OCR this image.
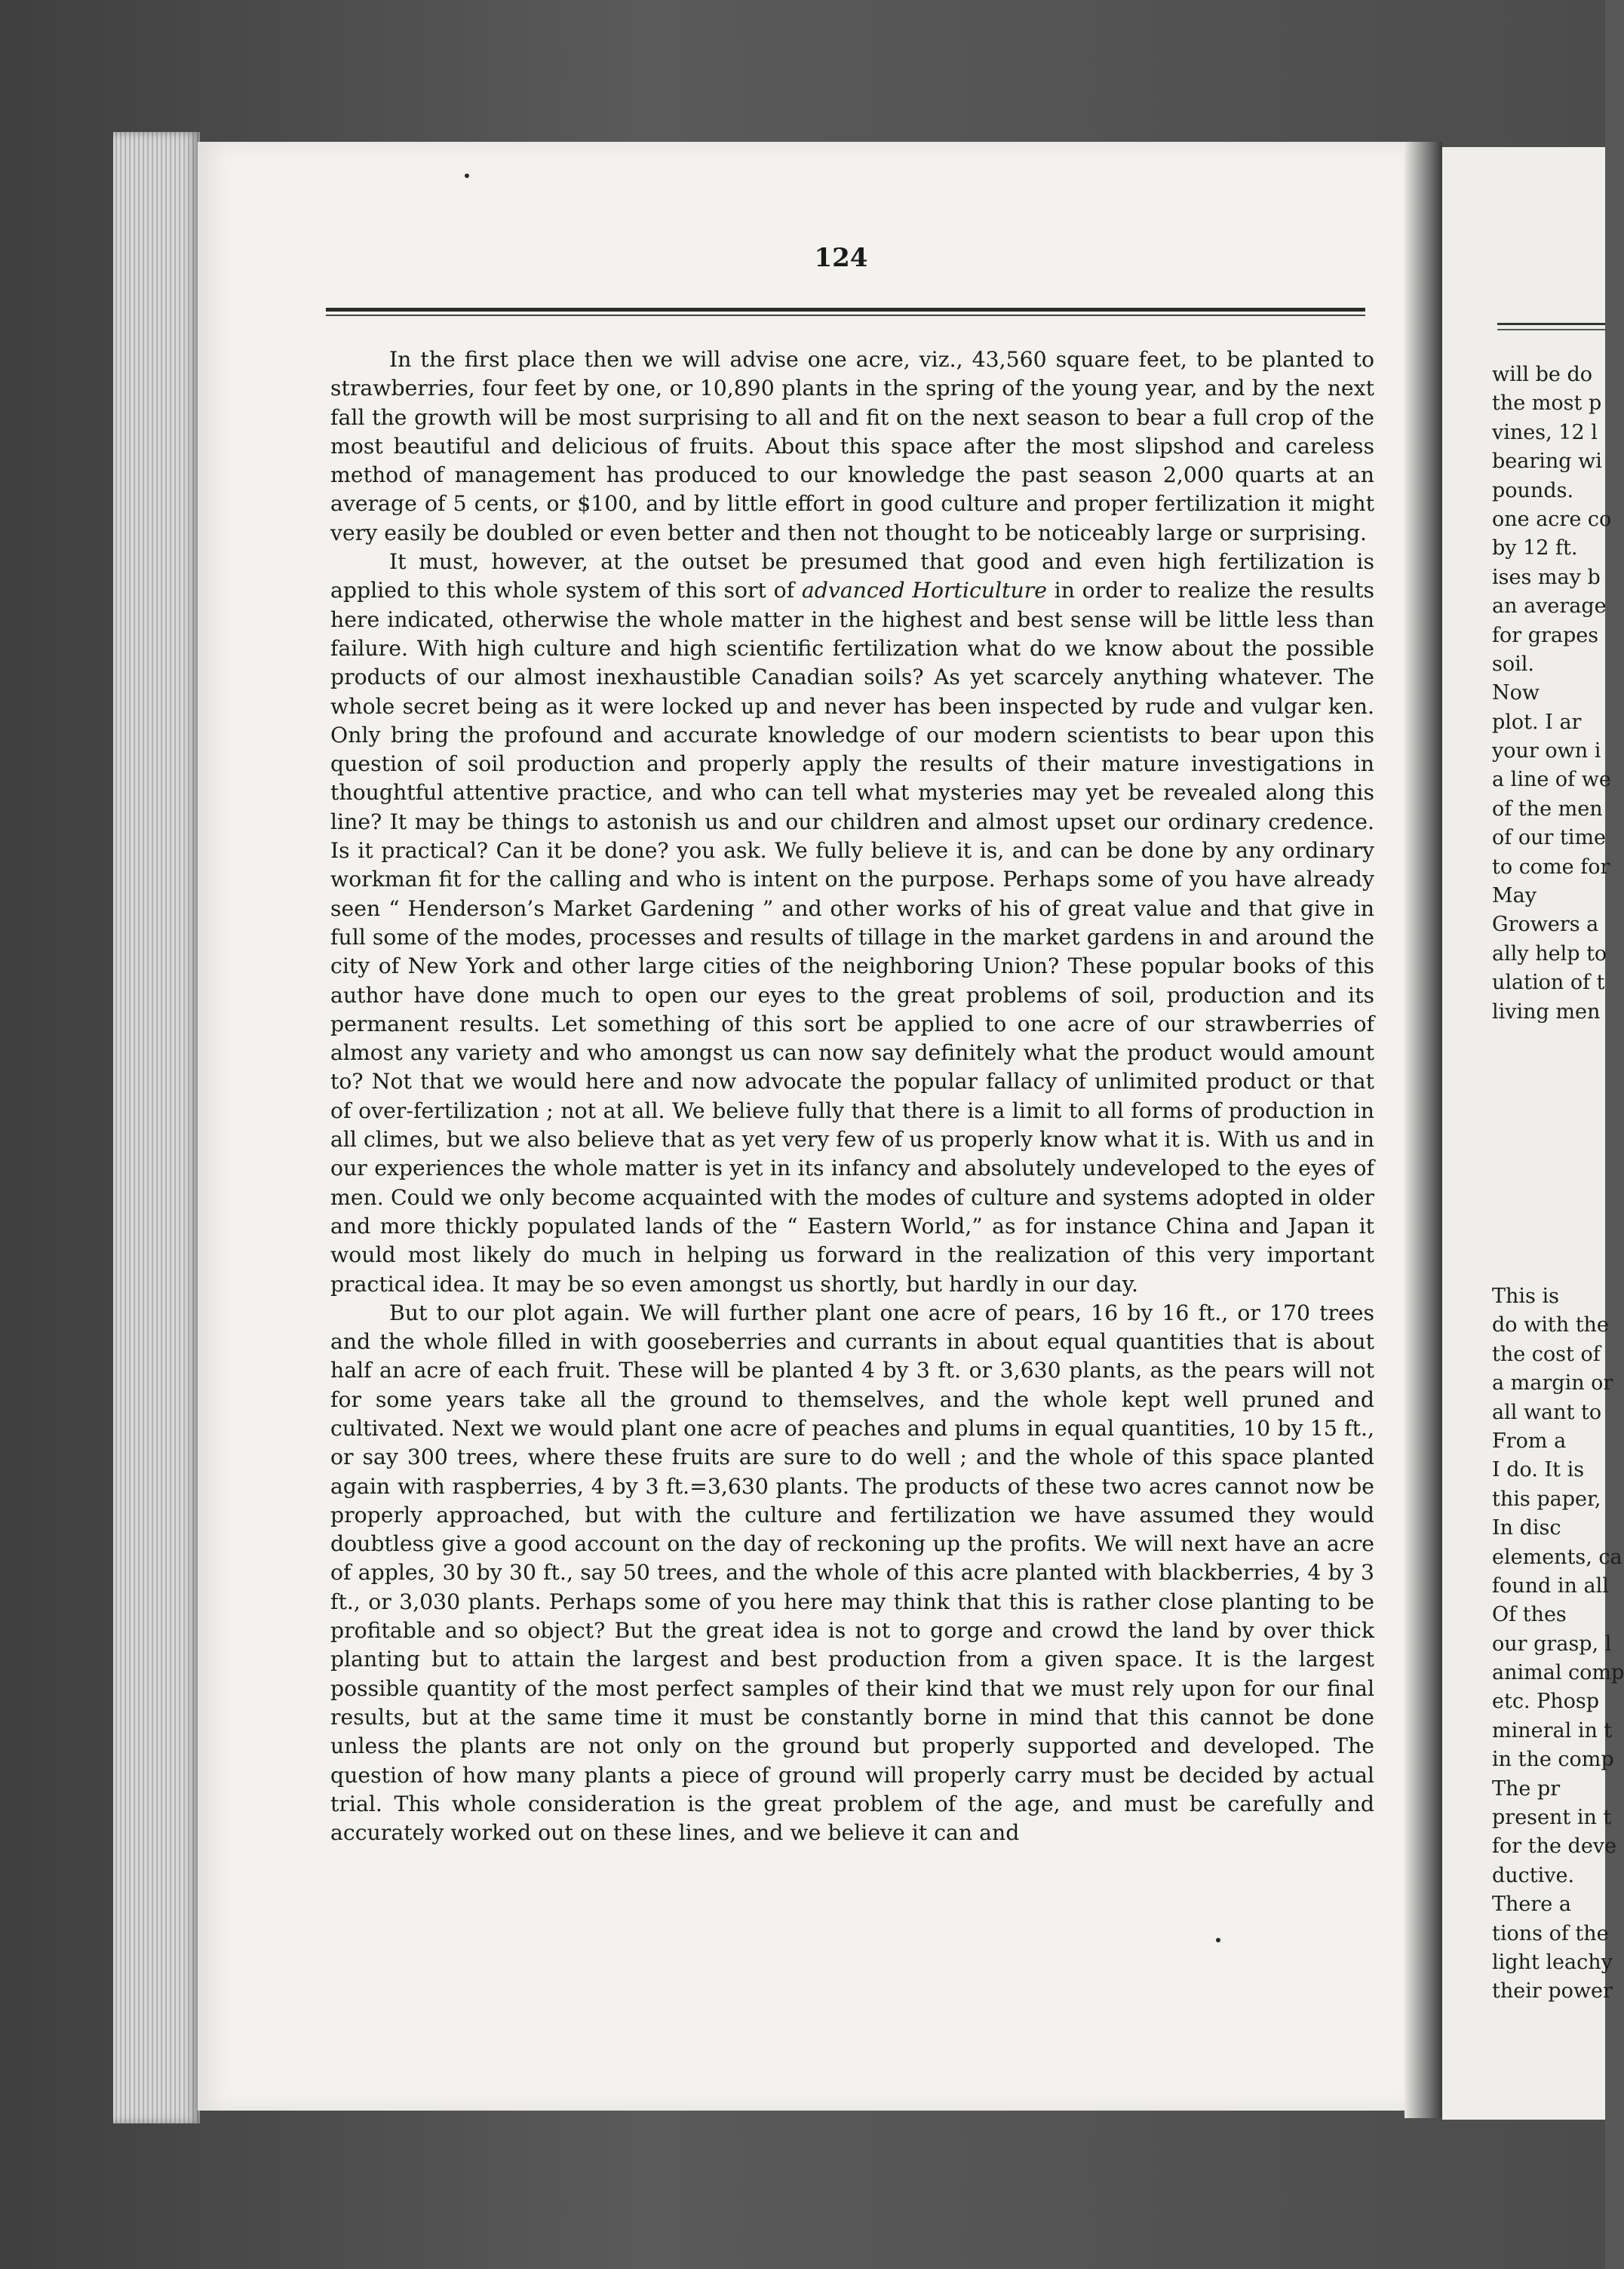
124

In the first place then we will advise one acre, viz., 43,560 square feet, to be planted to strawberries, four feet by one, or 10,890 plants in the spring of the young year, and by the next fall the growth will be most surprising to all and fit on the next season to bear a full crop of the most beautiful and delicious of fruits. About this space after the most slipshod and careless method of management has produced to our knowledge the past season 2,000 quarts at an average of 5 cents, or $100, and by little effort in good culture and proper fertilization it might very easily be doubled or even better and then not thought to be noticeably large or surprising.

It must, however, at the outset be presumed that good and even high fertilization is applied to this whole system of this sort of advanced Horticulture in order to realize the results here indicated, otherwise the whole matter in the highest and best sense will be little less than failure. With high culture and high scientific fertilization what do we know about the possible products of our almost inexhaustible Canadian soils? As yet scarcely anything whatever. The whole secret being as it were locked up and never has been inspected by rude and vulgar ken. Only bring the profound and accurate knowledge of our modern scientists to bear upon this question of soil production and properly apply the results of their mature investigations in thoughtful attentive practice, and who can tell what mysteries may yet be revealed along this line? It may be things to astonish us and our children and almost upset our ordinary credence. Is it practical? Can it be done? you ask. We fully believe it is, and can be done by any ordinary workman fit for the calling and who is intent on the purpose. Perhaps some of you have already seen “ Henderson’s Market Gardening ” and other works of his of great value and that give in full some of the modes, processes and results of tillage in the market gardens in and around the city of New York and other large cities of the neighboring Union? These popular books of this author have done much to open our eyes to the great problems of soil, production and its permanent results. Let something of this sort be applied to one acre of our strawberries of almost any variety and who amongst us can now say definitely what the product would amount to? Not that we would here and now advocate the popular fallacy of unlimited product or that of over-fertilization ; not at all. We believe fully that there is a limit to all forms of production in all climes, but we also believe that as yet very few of us properly know what it is. With us and in our experiences the whole matter is yet in its infancy and absolutely undeveloped to the eyes of men. Could we only become acquainted with the modes of culture and systems adopted in older and more thickly populated lands of the “ Eastern World,” as for instance China and Japan it would most likely do much in helping us forward in the realization of this very important practical idea. It may be so even amongst us shortly, but hardly in our day.

But to our plot again. We will further plant one acre of pears, 16 by 16 ft., or 170 trees and the whole filled in with gooseberries and currants in about equal quantities that is about half an acre of each fruit. These will be planted 4 by 3 ft. or 3,630 plants, as the pears will not for some years take all the ground to themselves, and the whole kept well pruned and cultivated. Next we would plant one acre of peaches and plums in equal quantities, 10 by 15 ft., or say 300 trees, where these fruits are sure to do well ; and the whole of this space planted again with raspberries, 4 by 3 ft.=3,630 plants. The products of these two acres cannot now be properly approached, but with the culture and fertilization we have assumed they would doubtless give a good account on the day of reckoning up the profits. We will next have an acre of apples, 30 by 30 ft., say 50 trees, and the whole of this acre planted with blackberries, 4 by 3 ft., or 3,030 plants. Perhaps some of you here may think that this is rather close planting to be profitable and so object? But the great idea is not to gorge and crowd the land by over thick planting but to attain the largest and best production from a given space. It is the largest possible quantity of the most perfect samples of their kind that we must rely upon for our final results, but at the same time it must be constantly borne in mind that this cannot be done unless the plants are not only on the ground but properly supported and developed. The question of how many plants a piece of ground will properly carry must be decided by actual trial. This whole consideration is the great problem of the age, and must be carefully and accurately worked out on these lines, and we believe it can and

will be do
the most p
vines, 12 l
bearing wi
pounds.
one acre co
by 12 ft.
ises may b
an average
for grapes
soil.
Now
plot. I ar
your own i
a line of we
of the men
of our time
to come for
May
Growers a
ally help to
ulation of t
living men
This is
do with the
the cost of
a margin or
all want to
From a
I do. It is
this paper,
In disc
elements, ca
found in all
Of thes
our grasp, l
animal comp
etc. Phosp
mineral in t
in the comp
The pr
present in t
for the deve
ductive.
There a
tions of the
light leachy
their power
